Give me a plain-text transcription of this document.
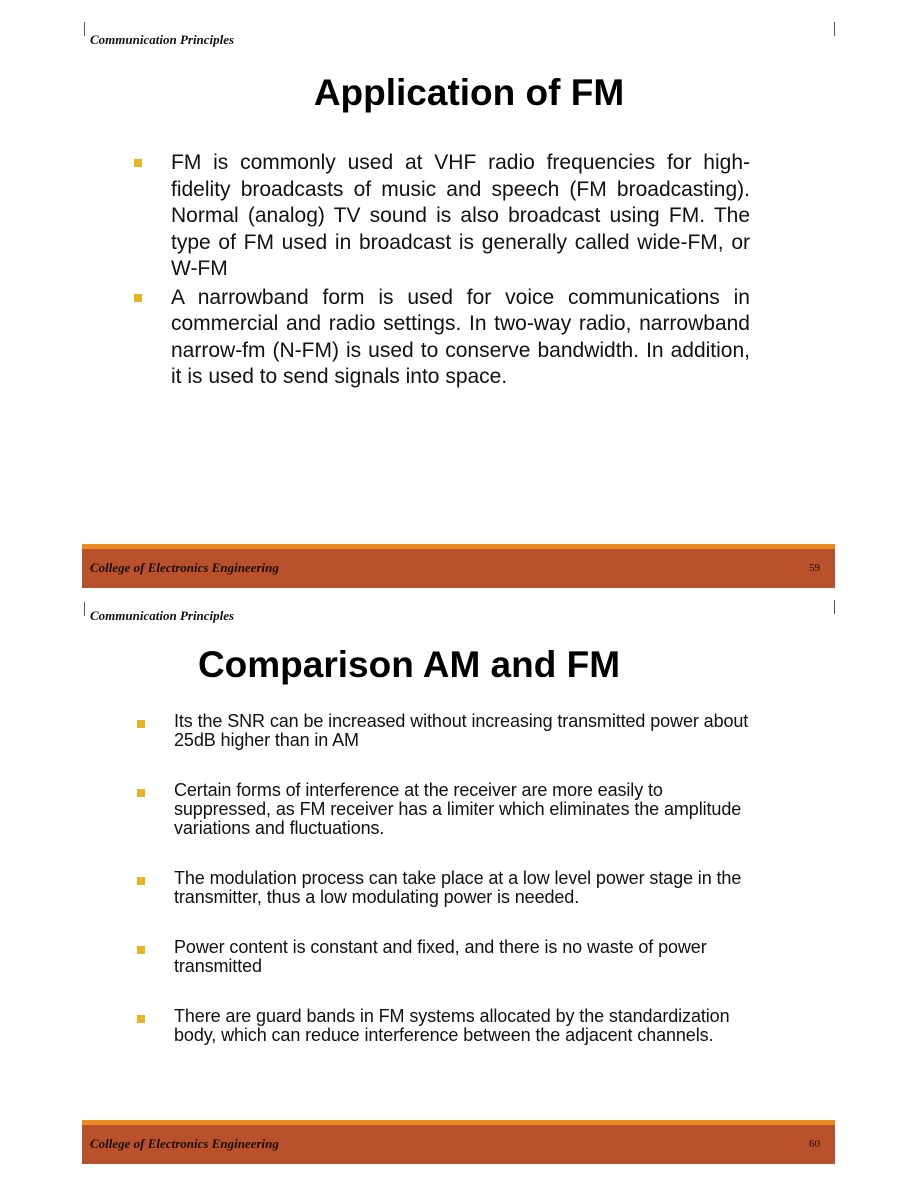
Communication Principles
Application of FM
FM is commonly used at VHF radio frequencies for high-fidelity broadcasts of music and speech (FM broadcasting). Normal (analog) TV sound is also broadcast using FM. The type of FM used in broadcast is generally called wide-FM, or W-FM
A narrowband form is used for voice communications in commercial and radio settings. In two-way radio, narrowband narrow-fm (N-FM) is used to conserve bandwidth. In addition, it is used to send signals into space.
College of Electronics Engineering	59
Communication Principles
Comparison AM and FM
Its the SNR can be increased without increasing transmitted power about 25dB higher than in AM
Certain forms of interference at the receiver are more easily to suppressed, as FM receiver has a limiter which eliminates the amplitude variations and fluctuations.
The modulation process can take place at a low level power stage in the transmitter, thus a low modulating power is needed.
Power content is constant and fixed, and there is no waste of power transmitted
There are guard bands in FM systems allocated by the standardization body, which can reduce interference between the adjacent channels.
College of Electronics Engineering	60
